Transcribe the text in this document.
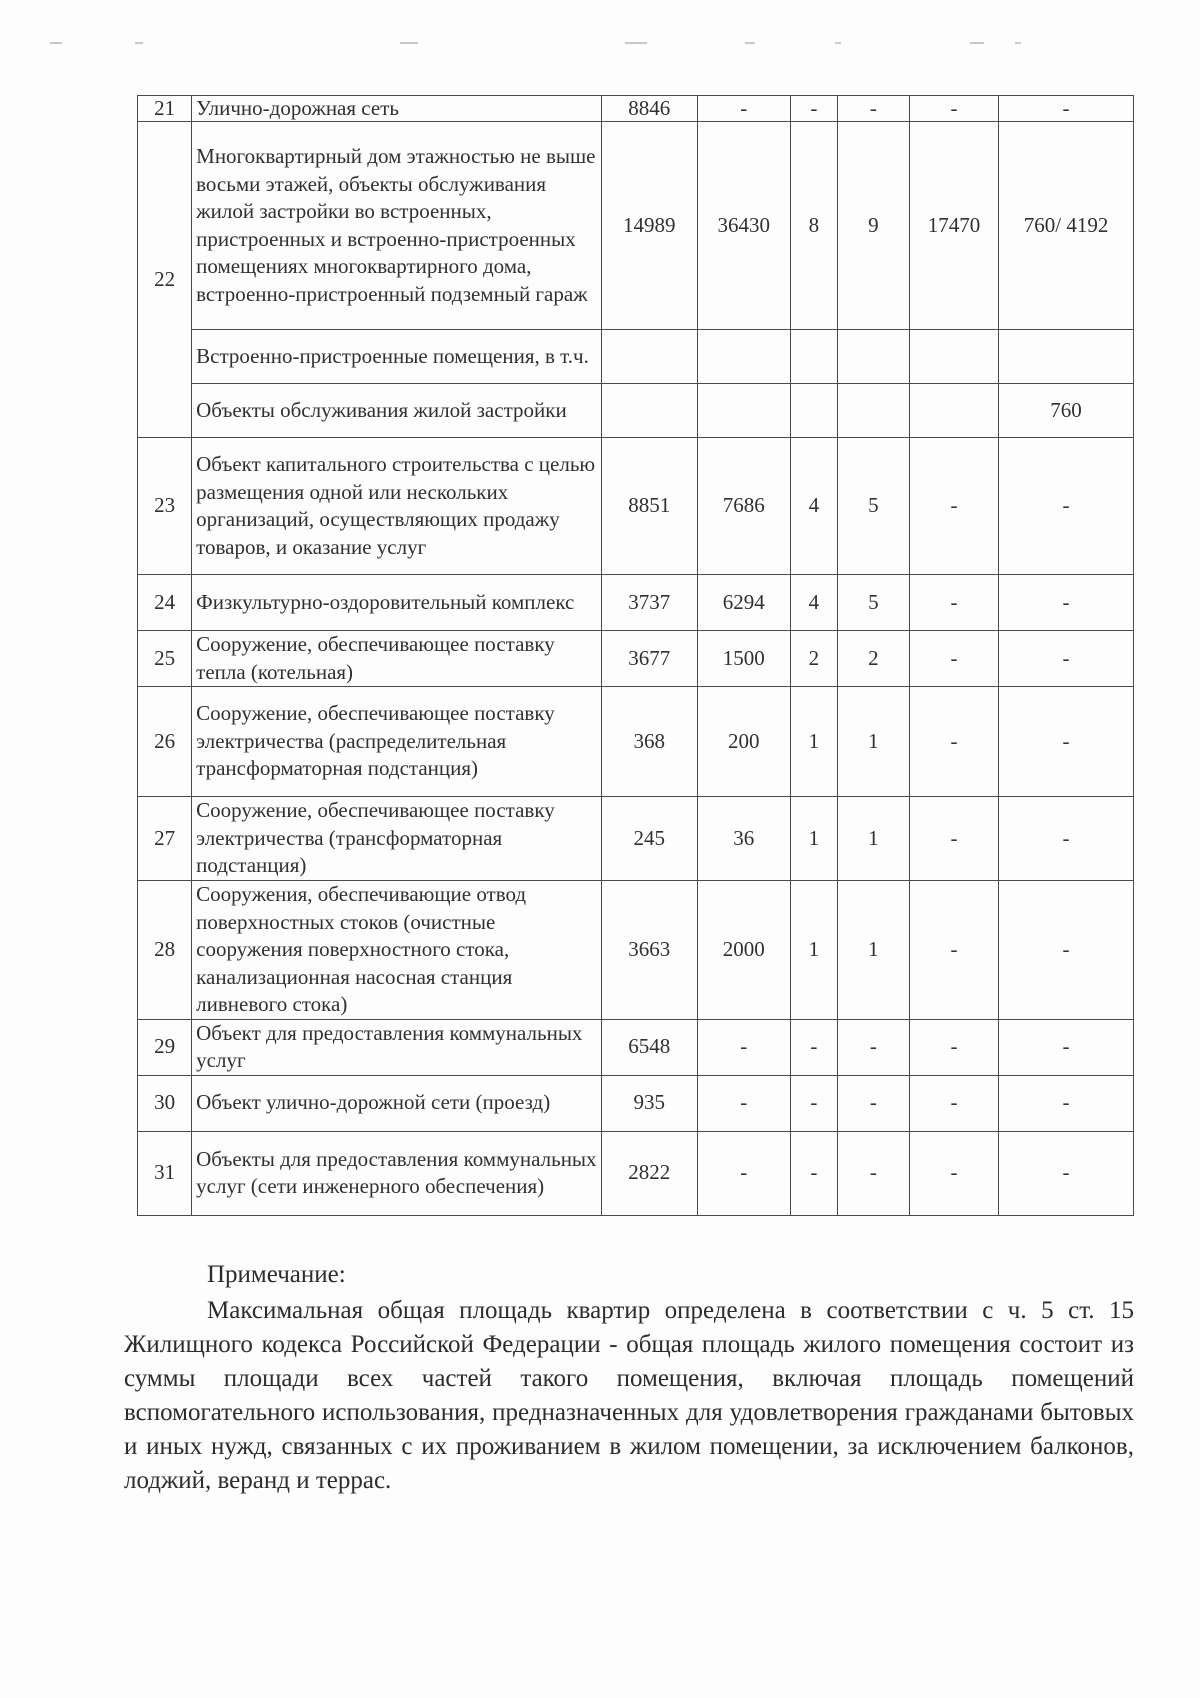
21	Улично-дорожная сеть	8846	-	-	-	-	-
22	Многоквартирный дом этажностью не выше восьми этажей, объекты обслуживания жилой застройки во встроенных, пристроенных и встроенно-пристроенных помещениях многоквартирного дома, встроенно-пристроенный подземный гараж	14989	36430	8	9	17470	760/ 4192
	Встроенно-пристроенные помещения, в т.ч.						
	Объекты обслуживания жилой застройки						760
23	Объект капитального строительства с целью размещения одной или нескольких организаций, осуществляющих продажу товаров, и оказание услуг	8851	7686	4	5	-	-
24	Физкультурно-оздоровительный комплекс	3737	6294	4	5	-	-
25	Сооружение, обеспечивающее поставку тепла (котельная)	3677	1500	2	2	-	-
26	Сооружение, обеспечивающее поставку электричества (распределительная трансформаторная подстанция)	368	200	1	1	-	-
27	Сооружение, обеспечивающее поставку электричества (трансформаторная подстанция)	245	36	1	1	-	-
28	Сооружения, обеспечивающие отвод поверхностных стоков (очистные сооружения поверхностного стока, канализационная насосная станция ливневого стока)	3663	2000	1	1	-	-
29	Объект для предоставления коммунальных услуг	6548	-	-	-	-	-
30	Объект улично-дорожной сети (проезд)	935	-	-	-	-	-
31	Объекты для предоставления коммунальных услуг (сети инженерного обеспечения)	2822	-	-	-	-	-

Примечание:

Максимальная общая площадь квартир определена в соответствии с ч. 5 ст. 15 Жилищного кодекса Российской Федерации - общая площадь жилого помещения состоит из суммы площади всех частей такого помещения, включая площадь помещений вспомогательного использования, предназначенных для удовлетворения гражданами бытовых и иных нужд, связанных с их проживанием в жилом помещении, за исключением балконов, лоджий, веранд и террас.
